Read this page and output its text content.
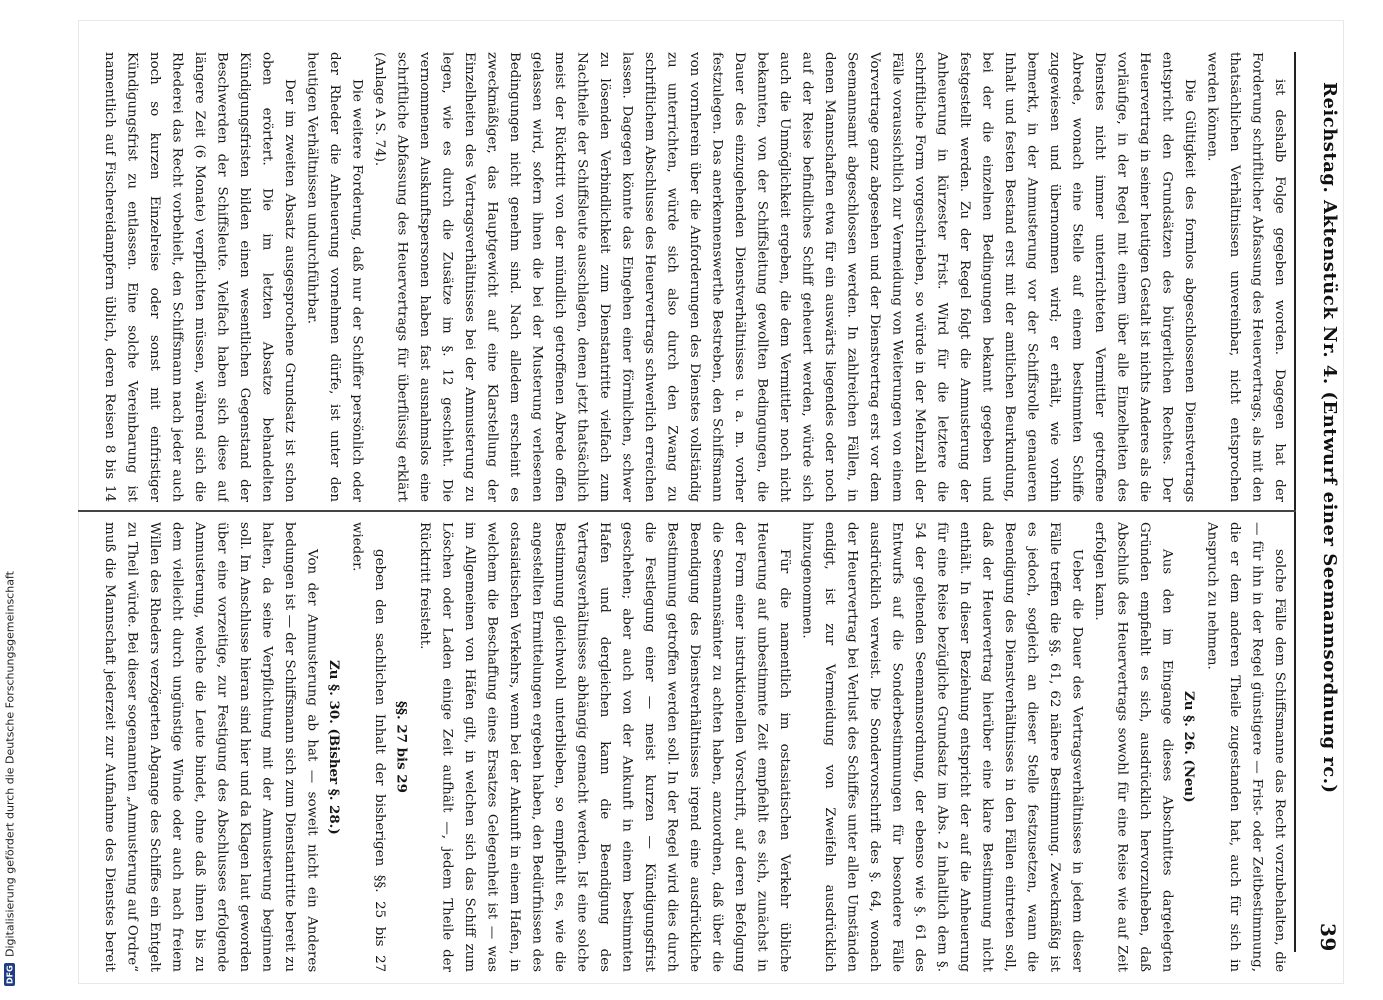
DFG
Digitalisierung gefördert durch die Deutsche Forschungsgemeinschaft	Reichstag. Aktenstück Nr. 4. (Entwurf einer Seemannsordnung rc.)
39

ist deshalb Folge gegeben worden. Dagegen hat der Forderung schriftlicher Abfassung des Heuervertrags, als mit den thatsächlichen Verhältnissen unvereinbar, nicht entsprochen werden können.

Die Gültigkeit des formlos abgeschlossenen Dienstvertrags entspricht den Grundsätzen des bürgerlichen Rechtes. Der Heuervertrag in seiner heutigen Gestalt ist nichts Anderes als die vorläufige, in der Regel mit einem über alle Einzelheiten des Dienstes nicht immer unterrichteten Vermittler getroffene Abrede, wonach eine Stelle auf einem bestimmten Schiffe zugewiesen und übernommen wird; er erhält, wie vorhin bemerkt, in der Anmusterung vor der Schiffsrolle genaueren Inhalt und festen Bestand erst mit der amtlichen Beurkundung, bei der die einzelnen Bedingungen bekannt gegeben und festgestellt werden. Zu der Regel folgt die Anmusterung der Anheuerung in kürzester Frist. Wird für die letztere die schriftliche Form vorgeschrieben, so würde in der Mehrzahl der Fälle voraussichtlich zur Vermeidung von Weiterungen von einem Vorvertrage ganz abgesehen und der Dienstvertrag erst vor dem Seemannsamt abgeschlossen werden. In zahlreichen Fällen, in denen Mannschaften etwa für ein auswärts liegendes oder noch auf der Reise befindliches Schiff geheuert werden, würde sich auch die Unmöglichkeit ergeben, die dem Vermittler noch nicht bekannten, von der Schiffsleitung gewollten Bedingungen, die Dauer des einzugehenden Dienstverhältnisses u. a. m. vorher festzulegen. Das anerkennenswerthe Bestreben, den Schiffsmann von vornherein über die Anforderungen des Dienstes vollständig zu unterrichten, würde sich also durch den Zwang zu schriftlichem Abschlusse des Heuervertrags schwerlich erreichen lassen. Dagegen könnte das Eingehen einer förmlichen, schwer zu lösenden Verbindlichkeit zum Dienstantritte vielfach zum Nachtheile der Schiffsleute ausschlagen, denen jetzt thatsächlich meist der Rücktritt von der mündlich getroffenen Abrede offen gelassen wird, sofern ihnen die bei der Musterung verlesenen Bedingungen nicht genehm sind. Nach alledem erscheint es zweckmäßiger, das Hauptgewicht auf eine Klarstellung der Einzelheiten des Vertragsverhältnisses bei der Anmusterung zu legen, wie es durch die Zusätze im §. 12 geschieht. Die vernommenen Auskunftspersonen haben fast ausnahmslos eine schriftliche Abfassung des Heuervertrags für überflüssig erklärt (Anlage A S. 74).

Die weitere Forderung, daß nur der Schiffer persönlich oder der Rheder die Anheuerung vornehmen dürfe, ist unter den heutigen Verhältnissen undurchführbar.

Der im zweiten Absatz ausgesprochene Grundsatz ist schon oben erörtert. Die im letzten Absatze behandelten Kündigungsfristen bilden einen wesentlichen Gegenstand der Beschwerden der Schiffsleute. Vielfach haben sich diese auf längere Zeit (6 Monate) verpflichten müssen, während sich die Rhederei das Recht vorbehielt, den Schiffsmann nach jeder auch noch so kurzen Einzelreise oder sonst mit einfristiger Kündigungsfrist zu entlassen. Eine solche Vereinbarung ist namentlich auf Fischereidampfern üblich, deren Reisen 8 bis 14

solche Fälle dem Schiffsmanne das Recht vorzubehalten, die — für ihn in der Regel günstigere — Frist- oder Zeitbestimmung, die er dem anderen Theile zugestanden hat, auch für sich in Anspruch zu nehmen.

Zu §. 26. (Neu)

Aus den im Eingange dieses Abschnittes dargelegten Gründen empfiehlt es sich, ausdrücklich hervorzuheben, daß Abschluß des Heuervertrags sowohl für eine Reise wie auf Zeit erfolgen kann.

Ueber die Dauer des Vertragsverhältnisses in jedem dieser Fälle treffen die §§. 61, 62 nähere Bestimmung. Zweckmäßig ist es jedoch, sogleich an dieser Stelle festzusetzen, wann die Beendigung des Dienstverhältnisses in den Fällen eintreten soll, daß der Heuervertrag hierüber eine klare Bestimmung nicht enthält. In dieser Beziehung entspricht der auf die Anheuerung für eine Reise bezügliche Grundsatz im Abs. 2 inhaltlich dem §. 54 der geltenden Seemannsordnung, der ebenso wie §. 61 des Entwurfs auf die Sonderbestimmungen für besondere Fälle ausdrücklich verweist. Die Sondervorschrift des §. 64, wonach der Heuervertrag bei Verlust des Schiffes unter allen Umständen endigt, ist zur Vermeidung von Zweifeln ausdrücklich hinzugenommen.

Für die namentlich im ostasiatischen Verkehr übliche Heuerung auf unbestimmte Zeit empfiehlt es sich, zunächst in der Form einer instruktionellen Vorschrift, auf deren Befolgung die Seemannsämter zu achten haben, anzuordnen, daß über die Beendigung des Dienstverhältnisses irgend eine ausdrückliche Bestimmung getroffen werden soll. In der Regel wird dies durch die Festlegung einer — meist kurzen — Kündigungsfrist geschehen; aber auch von der Ankunft in einem bestimmten Hafen und dergleichen kann die Beendigung des Vertragsverhältnisses abhängig gemacht werden. Ist eine solche Bestimmung gleichwohl unterblieben, so empfiehlt es, wie die angestellten Ermittelungen ergeben haben, den Bedürfnissen des ostasiatischen Verkehrs, wenn bei der Ankunft in einem Hafen, in welchem die Beschaffung eines Ersatzes Gelegenheit ist — was im Allgemeinen von Häfen gilt, in welchen sich das Schiff zum Löschen oder Laden einige Zeit aufhält —, jedem Theile der Rücktritt freisteht.

§§. 27 bis 29

geben den sachlichen Inhalt der bisherigen §§. 25 bis 27 wieder.

Zu §. 30. (Bisher §. 28.)

Von der Anmusterung ab hat — soweit nicht ein Anderes bedungen ist — der Schiffsmann sich zum Dienstantritte bereit zu halten, da seine Verpflichtung mit der Anmusterung beginnen soll. Im Anschlusse hieran sind hier und da Klagen laut geworden über eine vorzeitige, zur Festigung des Abschlusses erfolgende Anmusterung, welche die Leute bindet, ohne daß ihnen bis zu dem vielleicht durch ungünstige Winde oder auch nach freiem Willen des Rheders verzögerten Abgange des Schiffes ein Entgelt zu Theil würde. Bei dieser sogenannten „Anmusterung auf Ordre“ muß die Mannschaft jederzeit zur Aufnahme des Dienstes bereit
